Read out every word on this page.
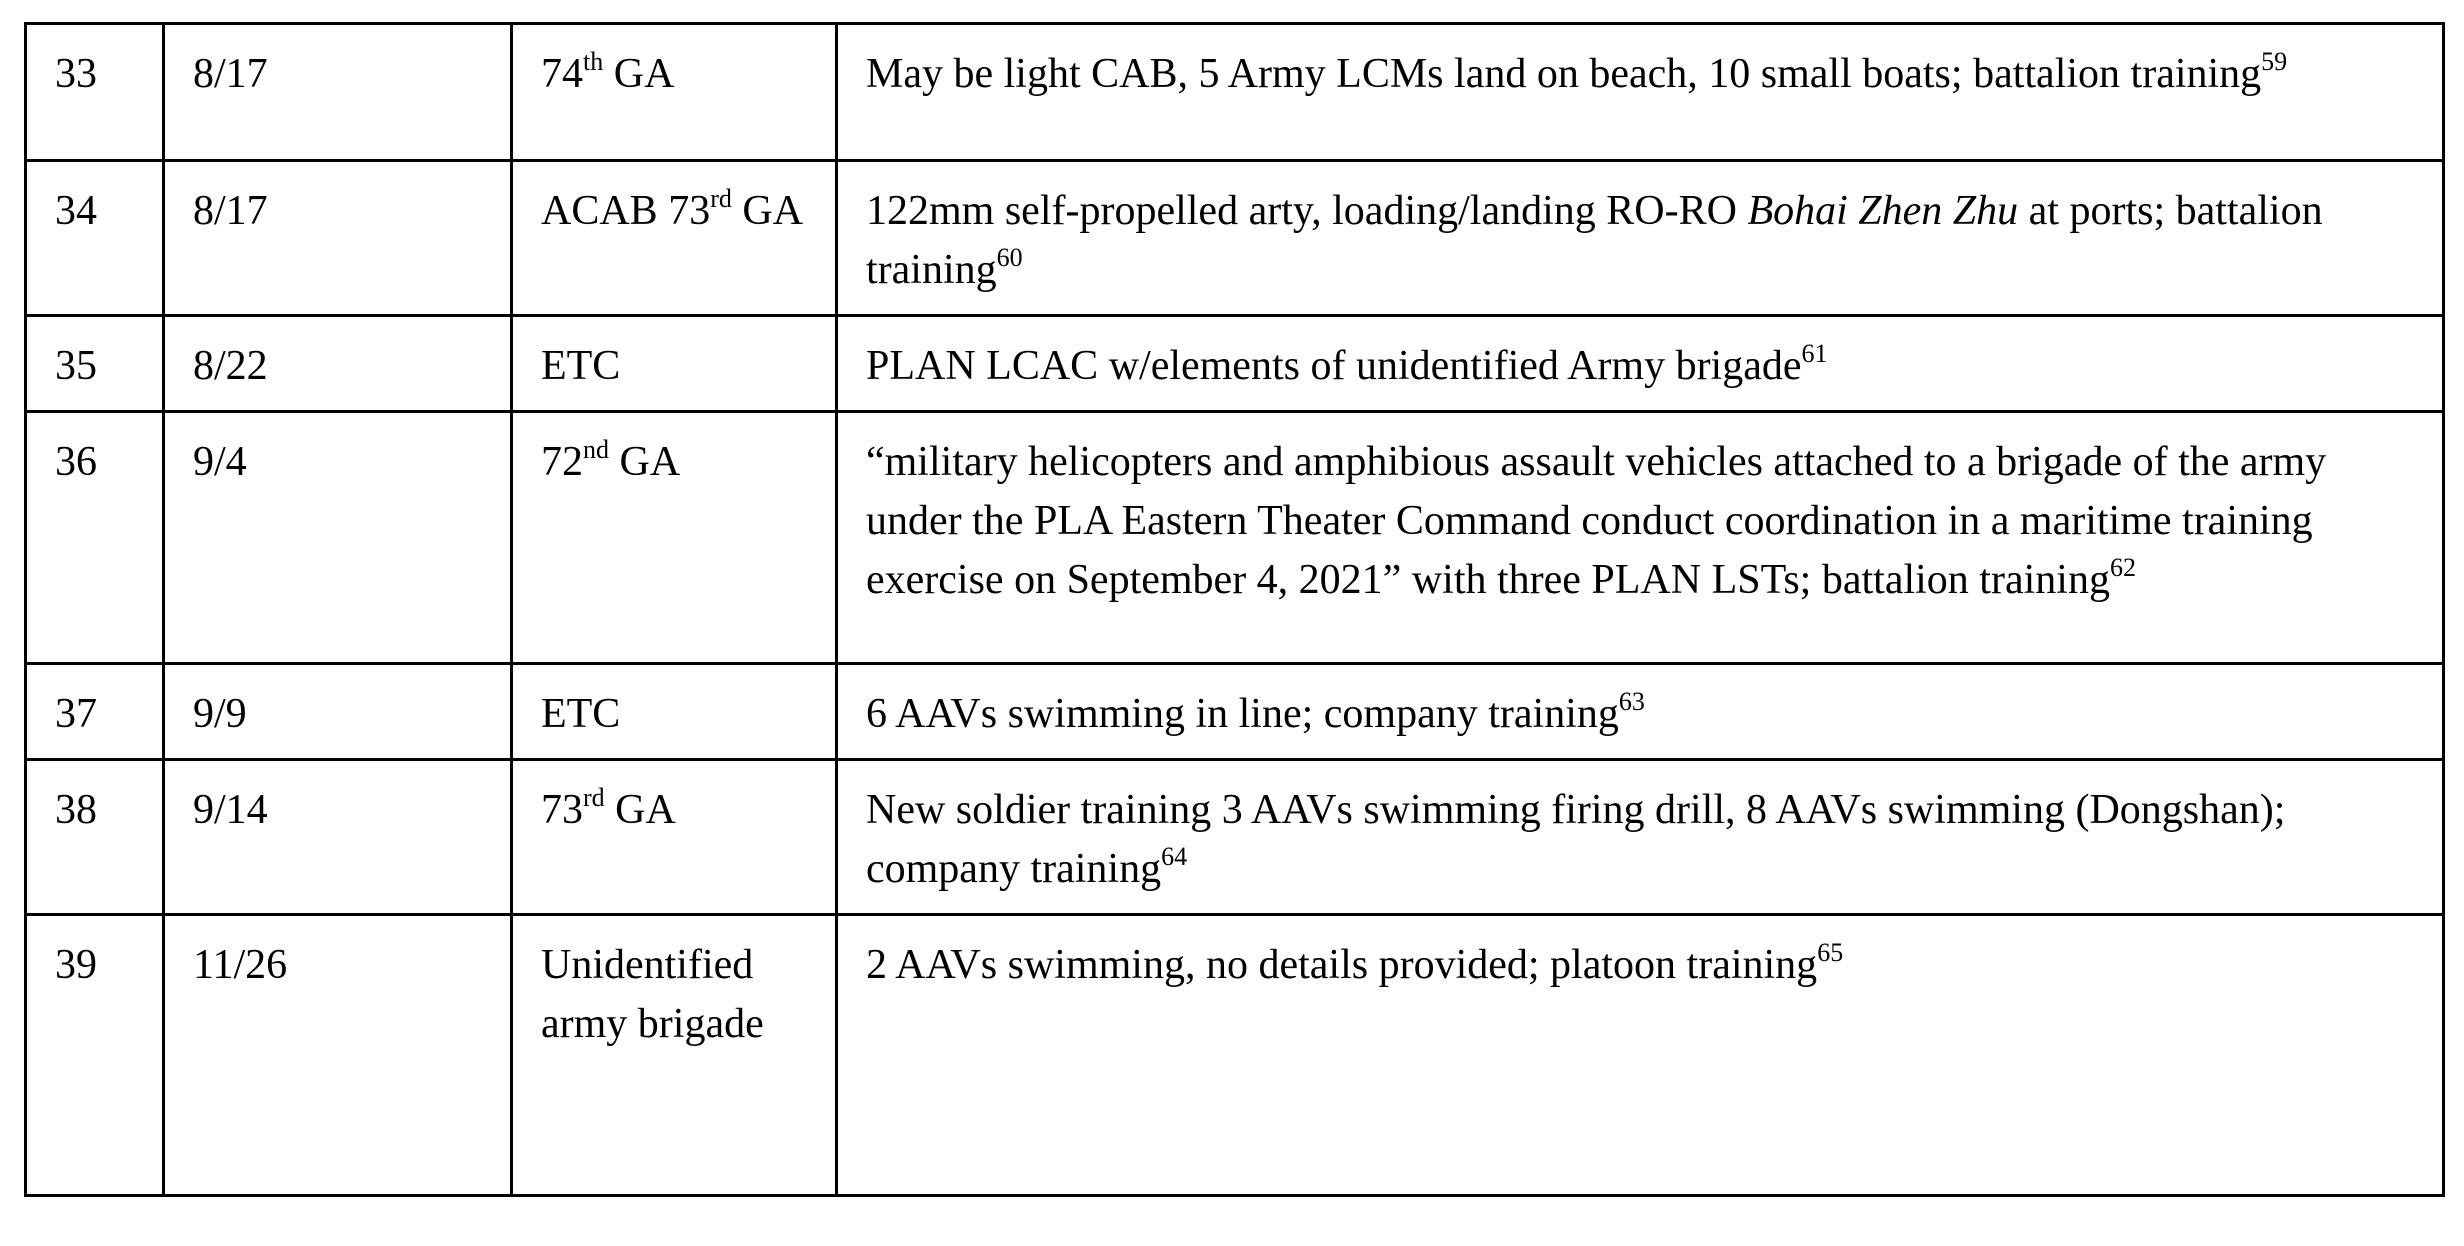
33	8/17	74th GA	May be light CAB, 5 Army LCMs land on beach, 10 small boats; battalion training$^{59}$
34	8/17	ACAB 73rd GA	122mm self-propelled arty, loading/landing RO-RO Bohai Zhen Zhu at ports; battalion training$^{60}$
35	8/22	ETC	PLAN LCAC w/elements of unidentified Army brigade$^{61}$
36	9/4	72nd GA	“military helicopters and amphibious assault vehicles attached to a brigade of the army under the PLA Eastern Theater Command conduct coordination in a maritime training exercise on September 4, 2021” with three PLAN LSTs; battalion training$^{62}$
37	9/9	ETC	6 AAVs swimming in line; company training$^{63}$
38	9/14	73rd GA	New soldier training 3 AAVs swimming firing drill, 8 AAVs swimming (Dongshan); company training$^{64}$
39	11/26	Unidentified army brigade	2 AAVs swimming, no details provided; platoon training$^{65}$
